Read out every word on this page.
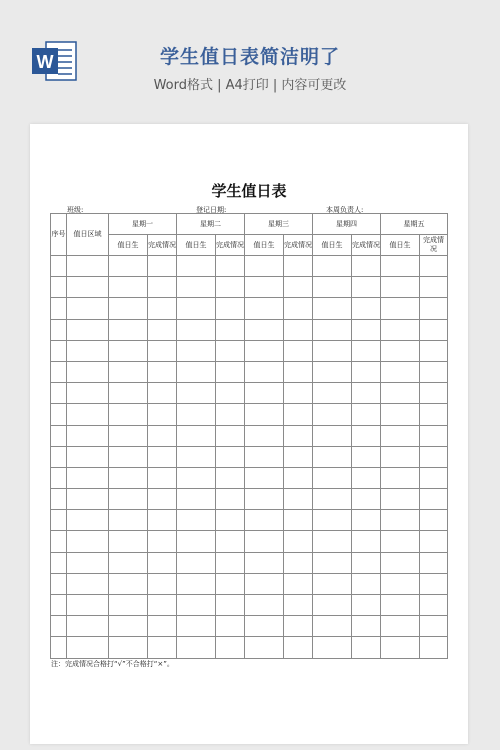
W	学生值日表简洁明了
Word格式 | A4打印 | 内容可更改
学生值日表
班级:	登记日期:	本周负责人:
序号	值日区域	星期一		星期二		星期三		星期四		星期五	
		值日生	完成情况	值日生	完成情况	值日生	完成情况	值日生	完成情况	值日生	完成情况

注：完成情况合格打“√”不合格打“×”。
